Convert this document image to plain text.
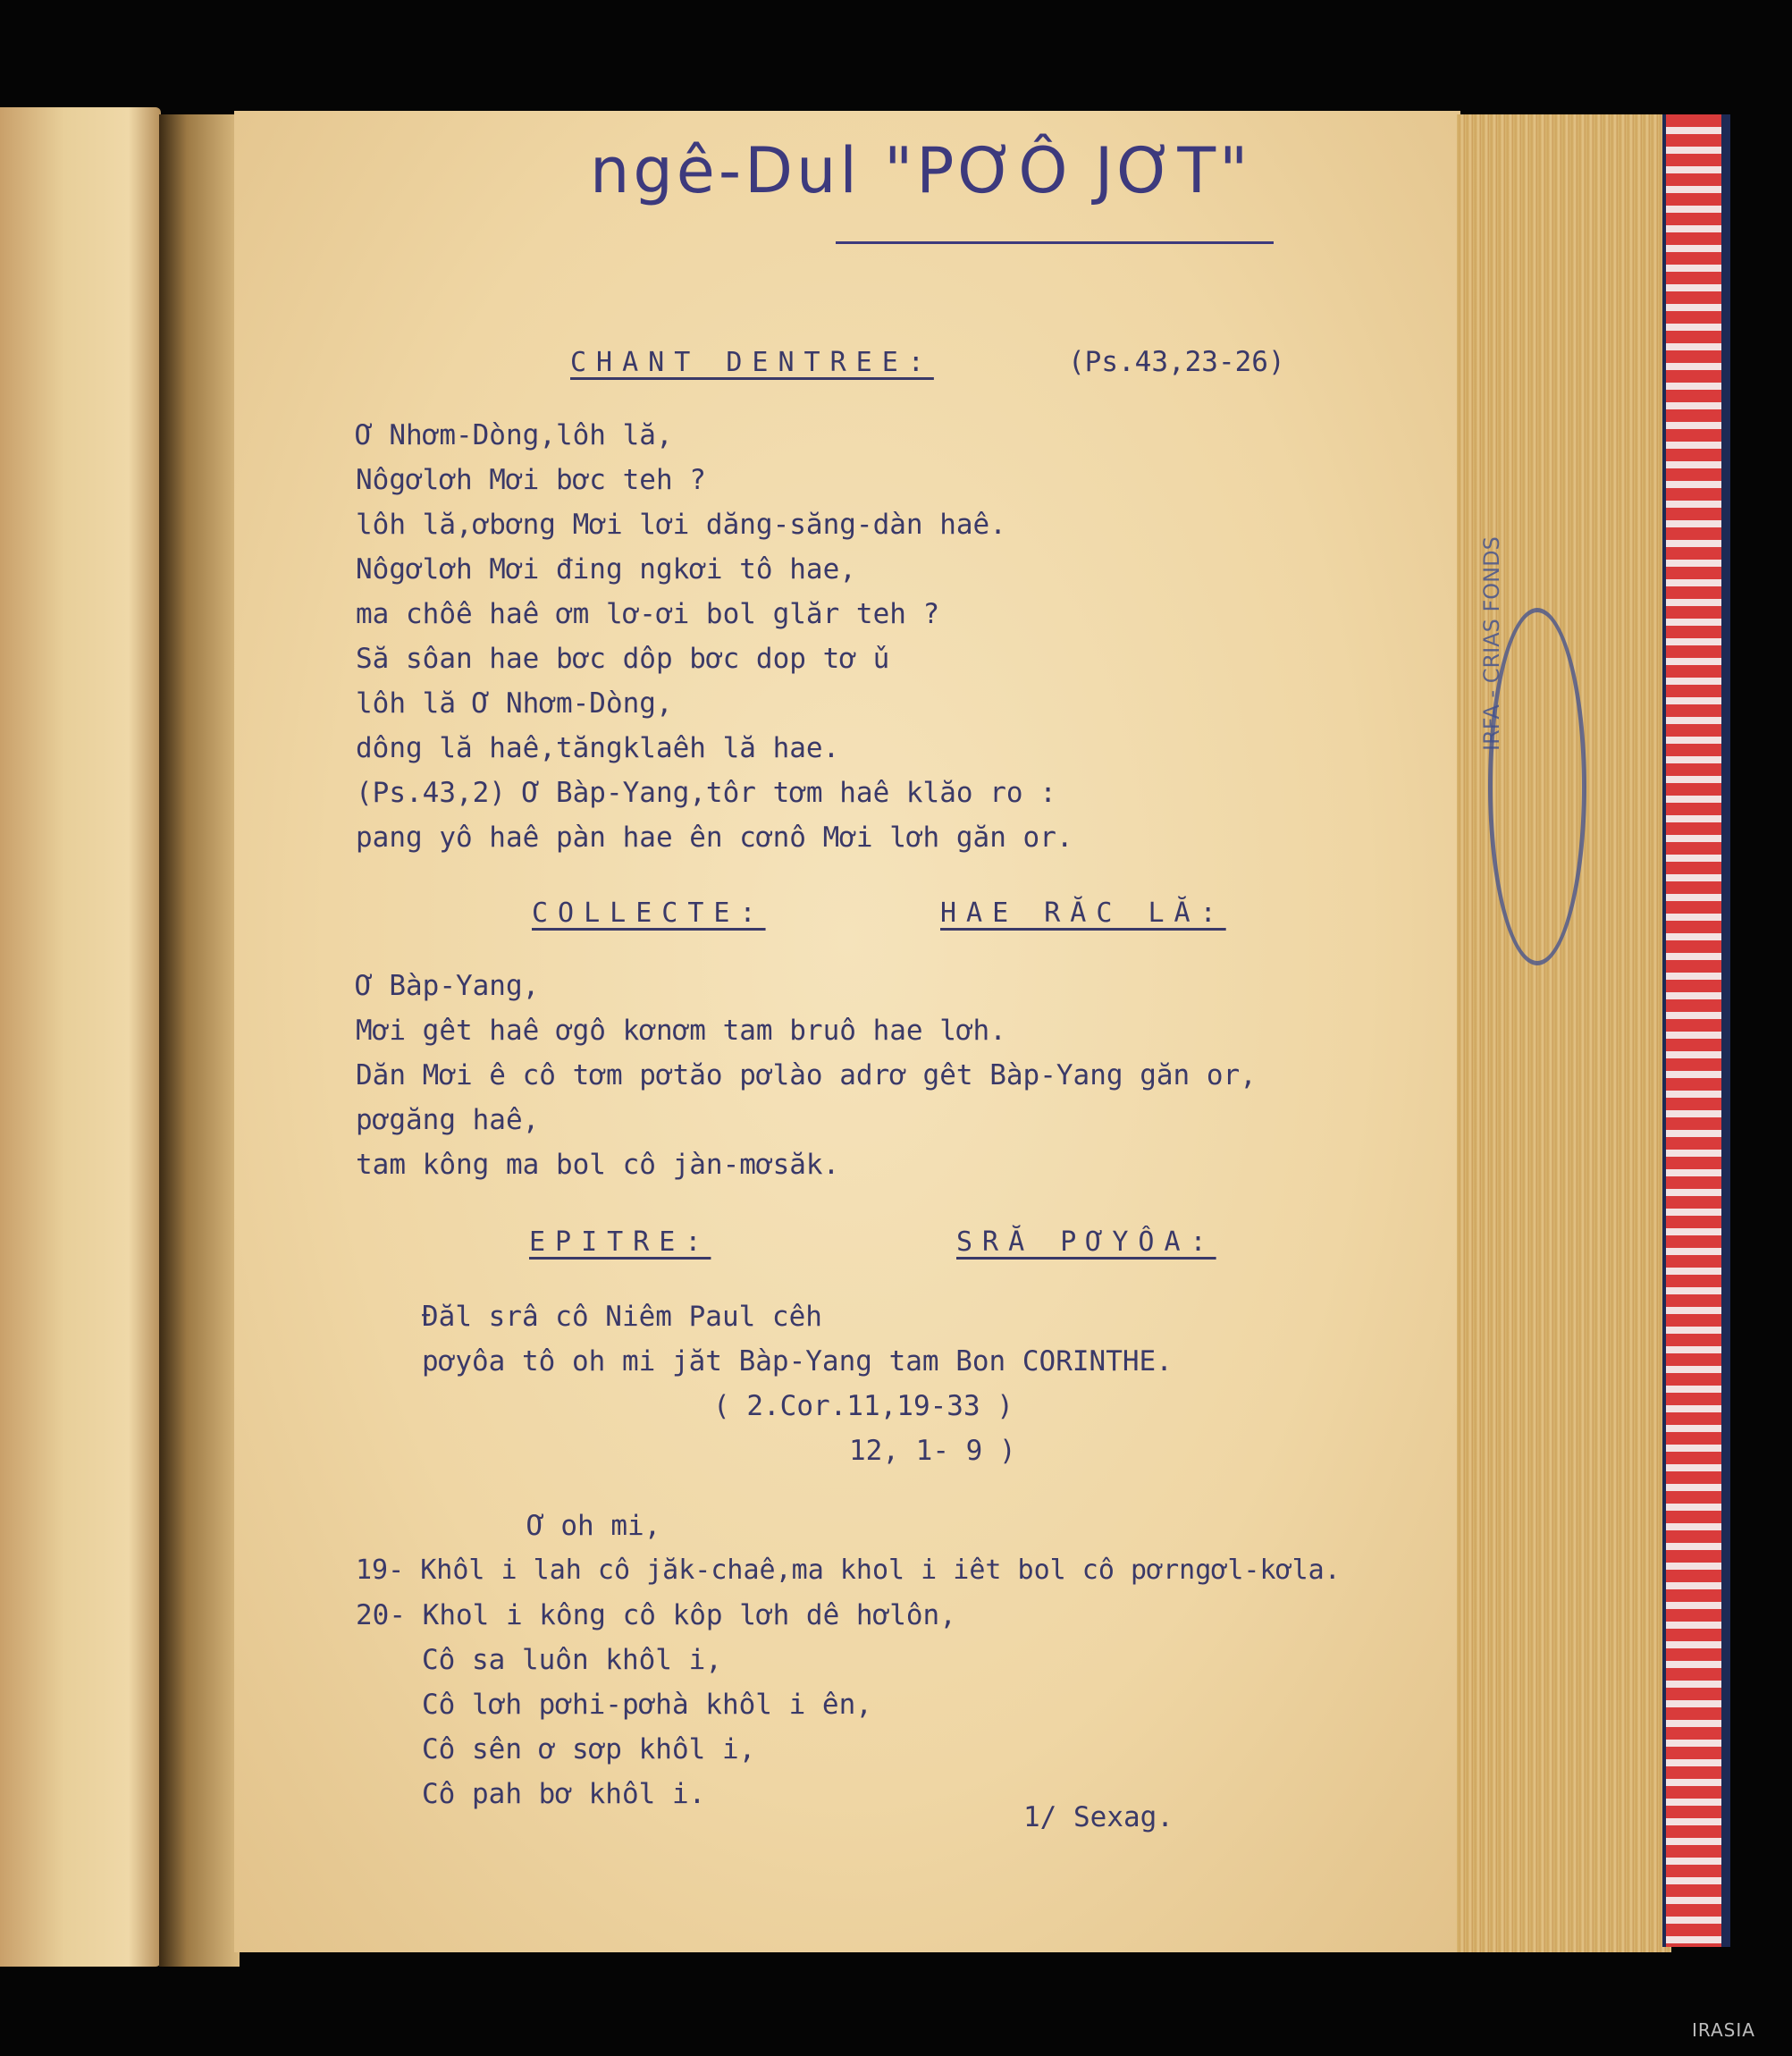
ngê-Dul "PƠÔ JƠT"
CHANT DENTREE:	(Ps.43,23-26)
Ơ Nhơm-Dòng,lôh lă,
Nôgơlơh Mơi bơc teh ?
lôh lă,ơbơng Mơi lơi dăng-săng-dàn haê.
Nôgơlơh Mơi đing ngkơi tô hae,
ma chôê haê ơm lơ-ơi bol glăr teh ?
Să sôan hae bơc dôp bơc dop tơ ǔ
lôh lă Ơ Nhơm-Dòng,
dông lă haê,tăngklaêh lă hae.
(Ps.43,2) Ơ Bàp-Yang,tôr tơm haê klăo ro :
pang yô haê pàn hae ên cơnô Mơi lơh găn or.
COLLECTE:	HAE RĂC LĂ:
Ơ Bàp-Yang,
Mơi gêt haê ơgô kơnơm tam bruô hae lơh.
Dăn Mơi ê cô tơm pơtăo pơlào adrơ gêt Bàp-Yang găn or,
pơgăng haê,
tam kông ma bol cô jàn-mơsăk.
EPITRE:	SRĂ PƠYÔA:
Đăl srâ cô Niêm Paul cêh
pơyôa tô oh mi jăt Bàp-Yang tam Bon CORINTHE.
( 2.Cor.11,19-33 )
12, 1- 9 )
Ơ oh mi,
19- Khôl i lah cô jăk-chaê,ma khol i iêt bol cô pơrngơl-kơla.
20- Khol i kông cô kôp lơh dê hơlôn,
Cô sa luôn khôl i,
Cô lơh pơhi-pơhà khôl i ên,
Cô sên ơ sơp khôl i,
Cô pah bơ khôl i.
1/ Sexag.
IRFA - CRIAS FONDS
IRASIA
